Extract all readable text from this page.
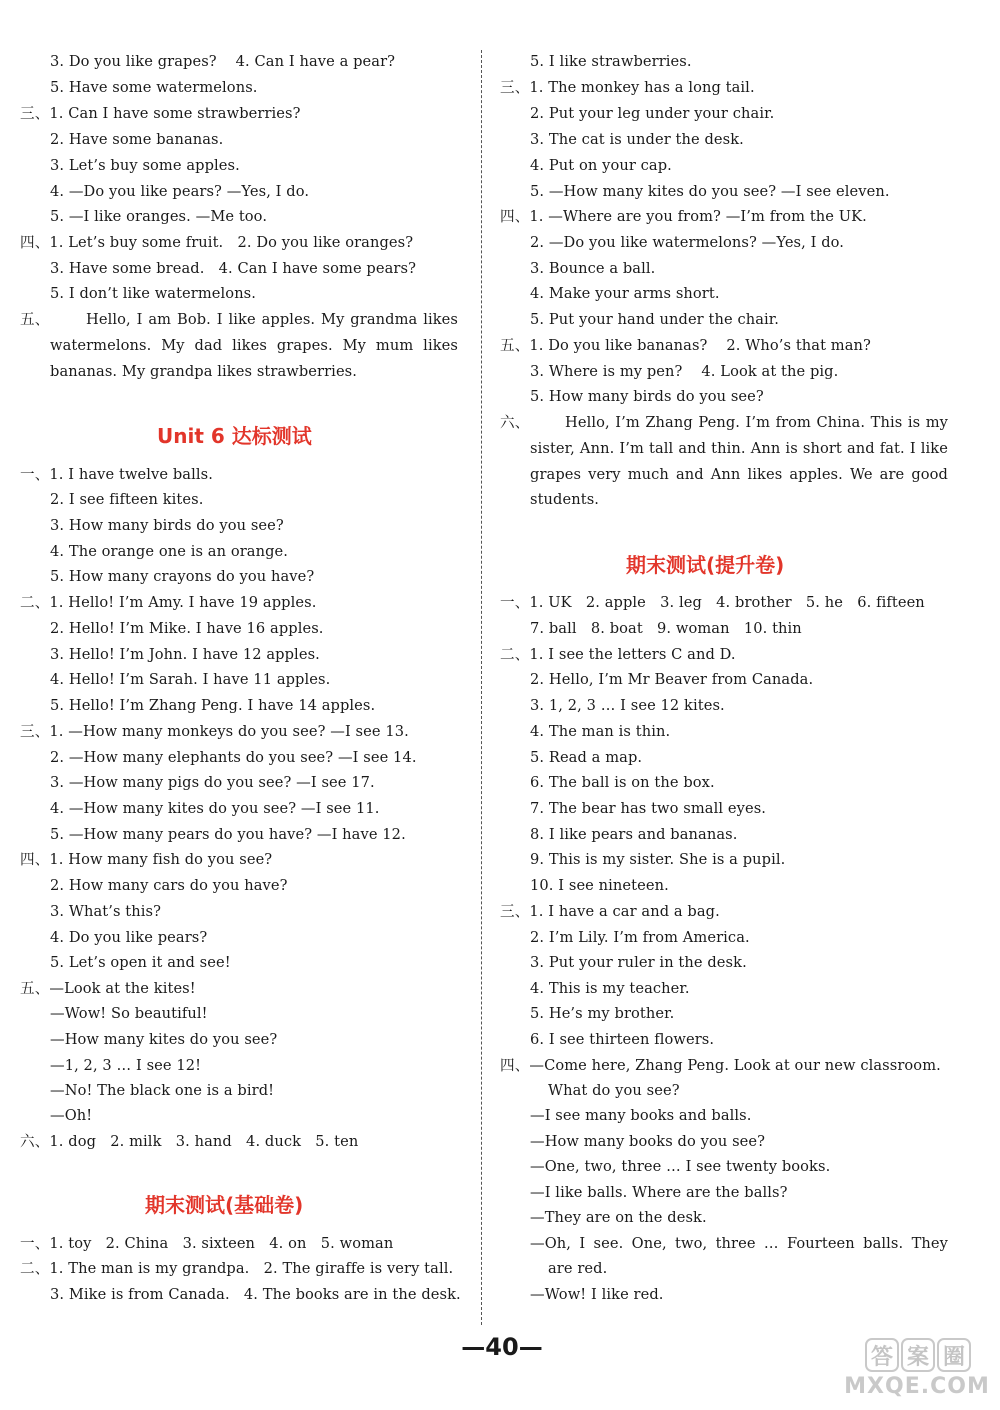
3. Do you like grapes?    4. Can I have a pear?
5. Have some watermelons.
三、1. Can I have some strawberries?
2. Have some bananas.
3. Let’s buy some apples.
4. —Do you like pears? —Yes, I do.
5. —I like oranges. —Me too.
四、1. Let’s buy some fruit.   2. Do you like oranges?
3. Have some bread.   4. Can I have some pears?
5. I don’t like watermelons.
五、	Hello, I am Bob. I like apples. My grandma likes
watermelons. My dad likes grapes. My mum likes
bananas. My grandpa likes strawberries.
Unit 6 达标测试
一、1. I have twelve balls.
2. I see fifteen kites.
3. How many birds do you see?
4. The orange one is an orange.
5. How many crayons do you have?
二、1. Hello! I’m Amy. I have 19 apples.
2. Hello! I’m Mike. I have 16 apples.
3. Hello! I’m John. I have 12 apples.
4. Hello! I’m Sarah. I have 11 apples.
5. Hello! I’m Zhang Peng. I have 14 apples.
三、1. —How many monkeys do you see? —I see 13.
2. —How many elephants do you see? —I see 14.
3. —How many pigs do you see? —I see 17.
4. —How many kites do you see? —I see 11.
5. —How many pears do you have? —I have 12.
四、1. How many fish do you see?
2. How many cars do you have?
3. What’s this?
4. Do you like pears?
5. Let’s open it and see!
五、—Look at the kites!
—Wow! So beautiful!
—How many kites do you see?
—1, 2, 3 … I see 12!
—No! The black one is a bird!
—Oh!
六、1. dog   2. milk   3. hand   4. duck   5. ten
期末测试(基础卷)
一、1. toy   2. China   3. sixteen   4. on   5. woman
二、1. The man is my grandpa.   2. The giraffe is very tall.
3. Mike is from Canada.   4. The books are in the desk.
5. I like strawberries.
三、1. The monkey has a long tail.
2. Put your leg under your chair.
3. The cat is under the desk.
4. Put on your cap.
5. —How many kites do you see? —I see eleven.
四、1. —Where are you from? —I’m from the UK.
2. —Do you like watermelons? —Yes, I do.
3. Bounce a ball.
4. Make your arms short.
5. Put your hand under the chair.
五、1. Do you like bananas?    2. Who’s that man?
3. Where is my pen?    4. Look at the pig.
5. How many birds do you see?
六、 Hello, I’m Zhang Peng. I’m from China. This is my
sister, Ann. I’m tall and thin. Ann is short and fat. I like
grapes very much and Ann likes apples. We are good
students.
期末测试(提升卷)
一、1. UK   2. apple   3. leg   4. brother   5. he   6. fifteen
7. ball   8. boat   9. woman   10. thin
二、1. I see the letters C and D.
2. Hello, I’m Mr Beaver from Canada.
3. 1, 2, 3 … I see 12 kites.
4. The man is thin.
5. Read a map.
6. The ball is on the box.
7. The bear has two small eyes.
8. I like pears and bananas.
9. This is my sister. She is a pupil.
10. I see nineteen.
三、1. I have a car and a bag.
2. I’m Lily. I’m from America.
3. Put your ruler in the desk.
4. This is my teacher.
5. He’s my brother.
6. I see thirteen flowers.
四、—Come here, Zhang Peng. Look at our new classroom.
What do you see?
—I see many books and balls.
—How many books do you see?
—One, two, three … I see twenty books.
—I like balls. Where are the balls?
—They are on the desk.
—Oh, I see. One, two, three … Fourteen balls. They
are red.
—Wow! I like red.
—40—	答 案 圈
MXQE.COM
